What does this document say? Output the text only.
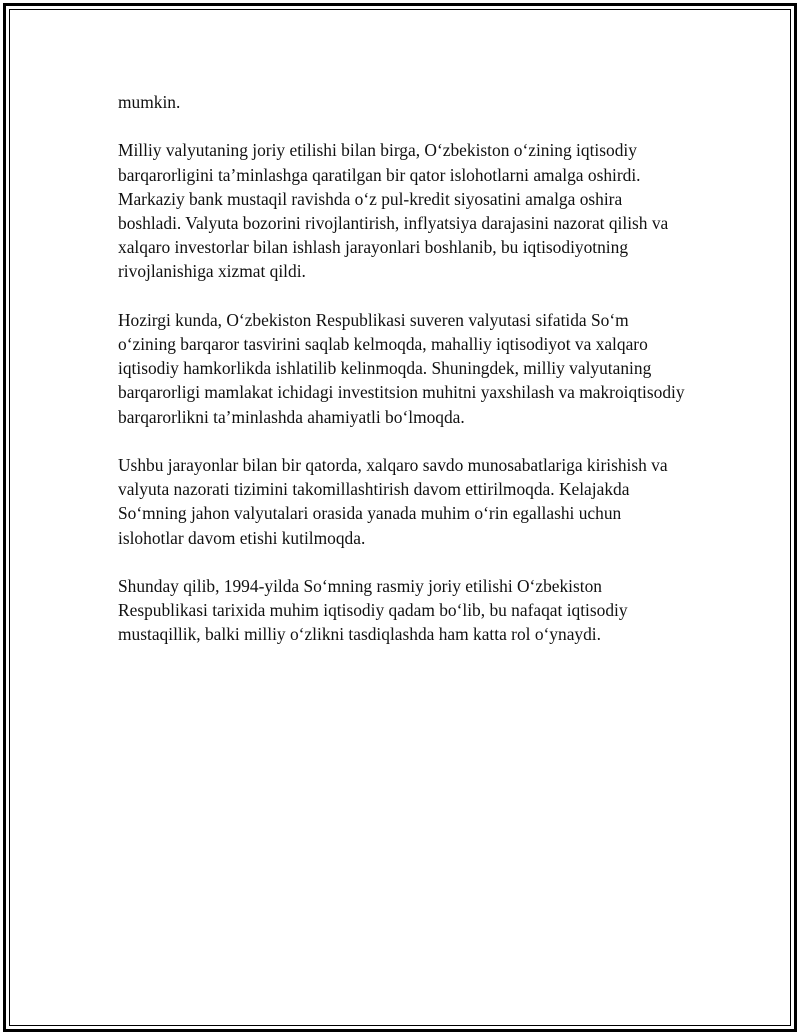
mumkin.

Milliy valyutaning joriy etilishi bilan birga, O‘zbekiston o‘zining iqtisodiy barqarorligini ta’minlashga qaratilgan bir qator islohotlarni amalga oshirdi. Markaziy bank mustaqil ravishda o‘z pul-kredit siyosatini amalga oshira boshladi. Valyuta bozorini rivojlantirish, inflyatsiya darajasini nazorat qilish va xalqaro investorlar bilan ishlash jarayonlari boshlanib, bu iqtisodiyotning rivojlanishiga xizmat qildi.

Hozirgi kunda, O‘zbekiston Respublikasi suveren valyutasi sifatida So‘m o‘zining barqaror tasvirini saqlab kelmoqda, mahalliy iqtisodiyot va xalqaro iqtisodiy hamkorlikda ishlatilib kelinmoqda. Shuningdek, milliy valyutaning barqarorligi mamlakat ichidagi investitsion muhitni yaxshilash va makroiqtisodiy barqarorlikni ta’minlashda ahamiyatli bo‘lmoqda.

Ushbu jarayonlar bilan bir qatorda, xalqaro savdo munosabatlariga kirishish va valyuta nazorati tizimini takomillashtirish davom ettirilmoqda. Kelajakda So‘mning jahon valyutalari orasida yanada muhim o‘rin egallashi uchun islohotlar davom etishi kutilmoqda.

Shunday qilib, 1994-yilda So‘mning rasmiy joriy etilishi O‘zbekiston Respublikasi tarixida muhim iqtisodiy qadam bo‘lib, bu nafaqat iqtisodiy mustaqillik, balki milliy o‘zlikni tasdiqlashda ham katta rol o‘ynaydi.
